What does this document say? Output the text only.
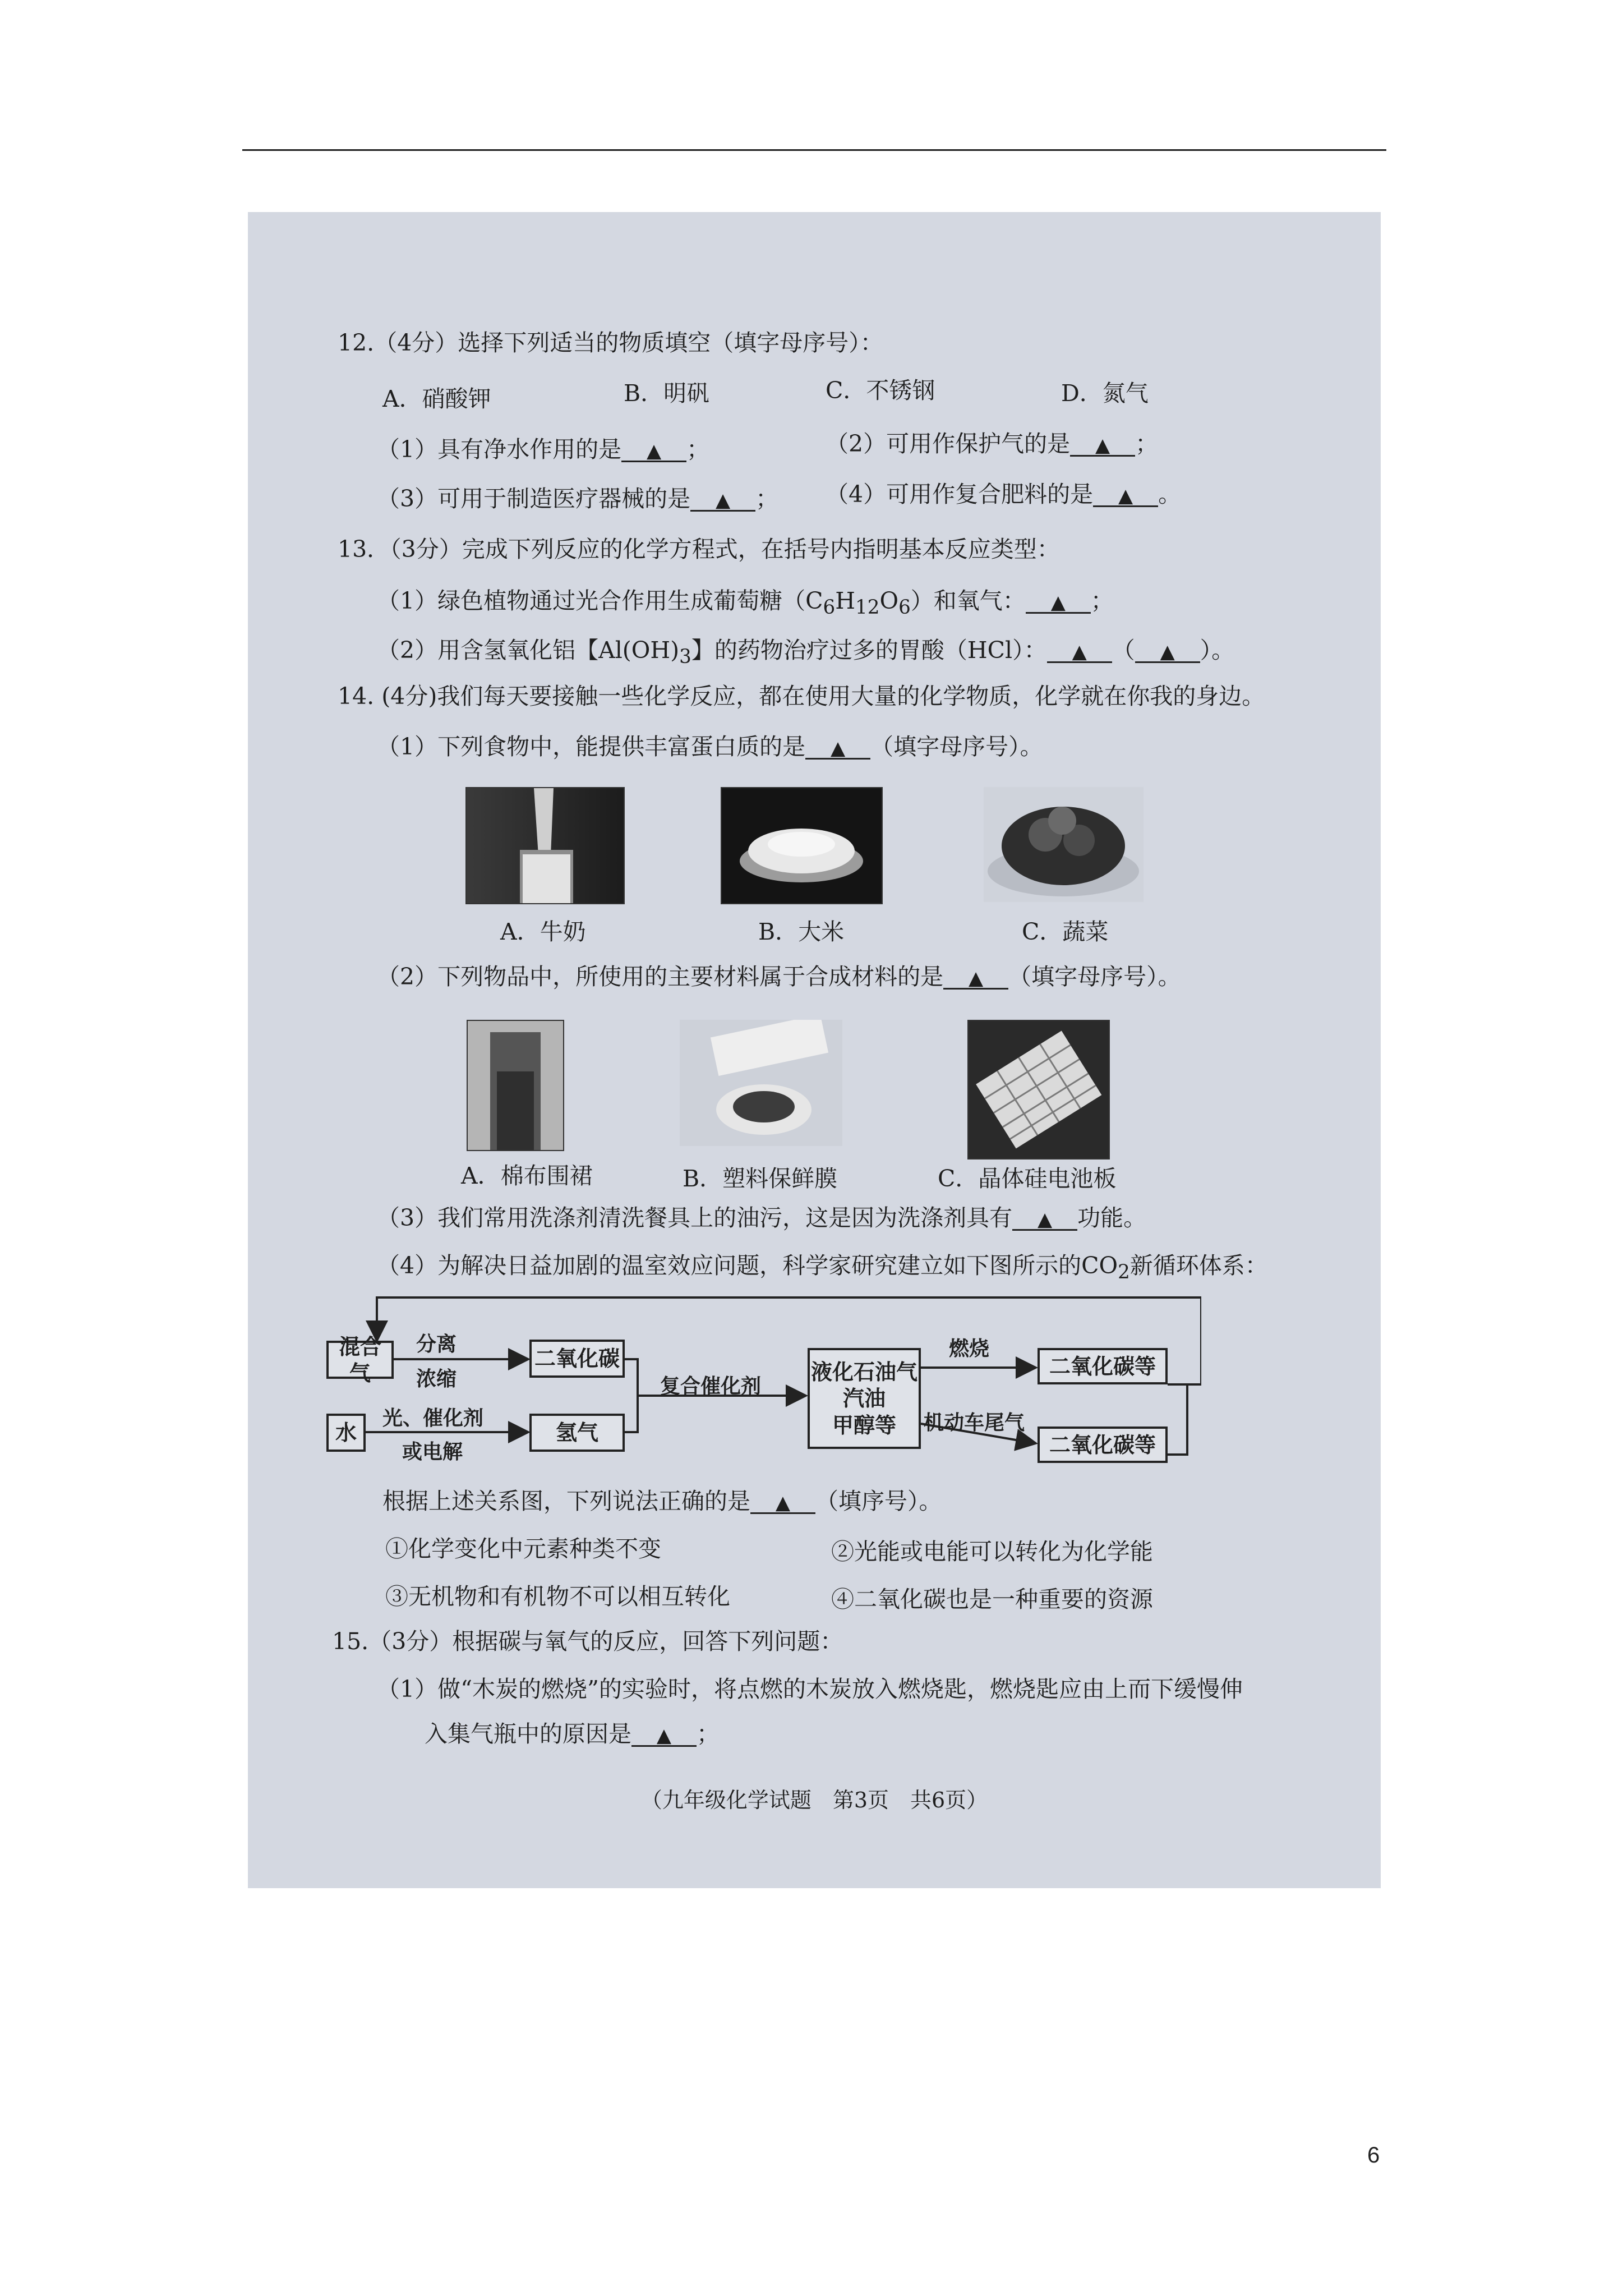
12.（4分）选择下列适当的物质填空（填字母序号）：
A．硝酸钾	B．明矾	C．不锈钢	D．氮气
（1）具有净水作用的是 ▲ ；	（2）可用作保护气的是 ▲ ；
（3）可用于制造医疗器械的是 ▲ ； （4）可用作复合肥料的是 ▲ 。
13．（3分）完成下列反应的化学方程式，在括号内指明基本反应类型：
（1）绿色植物通过光合作用生成葡萄糖$(C_6H_{12}O_6)$和氧气： ▲ ；
（2）用含氢氧化铝【$Al(OH)_3$】的药物治疗过多的胃酸（HCl）： ▲ （ ▲ ）。
14. (4分)我们每天要接触一些化学反应，都在使用大量的化学物质，化学就在你我的身边。
（1）下列食物中，能提供丰富蛋白质的是 ▲ （填字母序号）。
A．牛奶	B．大米	C．蔬菜
（2）下列物品中，所使用的主要材料属于合成材料的是 ▲ （填字母序号）。
A．棉布围裙	B．塑料保鲜膜	C．晶体硅电池板
（3）我们常用洗涤剂清洗餐具上的油污，这是因为洗涤剂具有 ▲ 功能。
（4）为解决日益加剧的温室效应问题，科学家研究建立如下图所示的$CO_2$新循环体系：
混合气
分离
浓缩
二氧化碳
水
光、催化剂
或电解
氢气
复合催化剂
液化石油气
汽油
甲醇等
燃烧
机动车尾气
二氧化碳等
二氧化碳等
根据上述关系图，下列说法正确的是 ▲ （填序号）。
①化学变化中元素种类不变	②光能或电能可以转化为化学能
③无机物和有机物不可以相互转化	④二氧化碳也是一种重要的资源
15.（3分）根据碳与氧气的反应，回答下列问题：
（1）做“木炭的燃烧”的实验时，将点燃的木炭放入燃烧匙，燃烧匙应由上而下缓慢伸
入集气瓶中的原因是 ▲ ；
（九年级化学试题　第3页　共6页）
6
